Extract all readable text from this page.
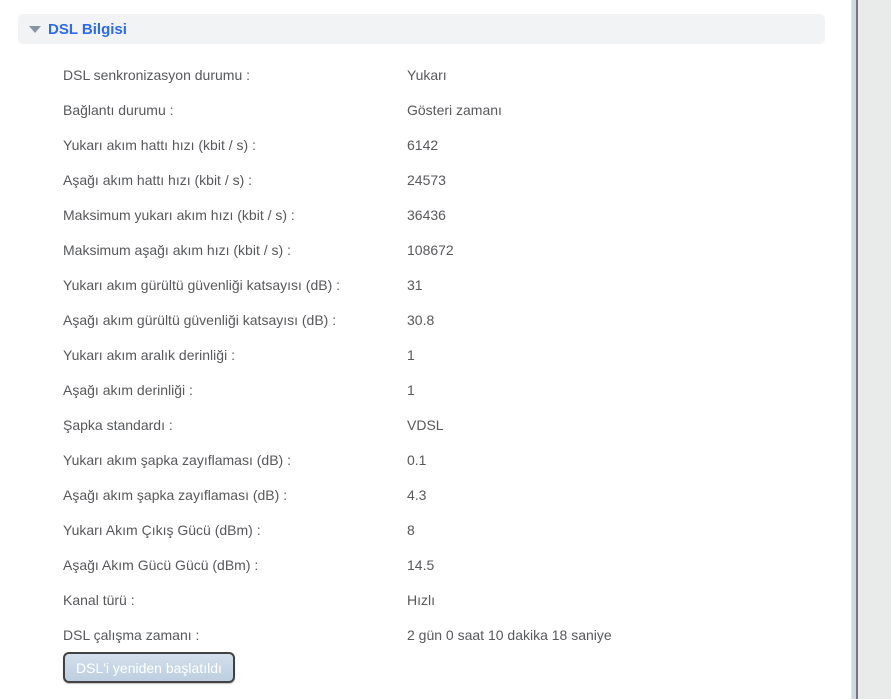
DSL Bilgisi
DSL senkronizasyon durumu :	Yukarı
Bağlantı durumu :	Gösteri zamanı
Yukarı akım hattı hızı (kbit / s) :	6142
Aşağı akım hattı hızı (kbit / s) :	24573
Maksimum yukarı akım hızı (kbit / s) :	36436
Maksimum aşağı akım hızı (kbit / s) :	108672
Yukarı akım gürültü güvenliği katsayısı (dB) :	31
Aşağı akım gürültü güvenliği katsayısı (dB) :	30.8
Yukarı akım aralık derinliği :	1
Aşağı akım derinliği :	1
Şapka standardı :	VDSL
Yukarı akım şapka zayıflaması (dB) :	0.1
Aşağı akım şapka zayıflaması (dB) :	4.3
Yukarı Akım Çıkış Gücü (dBm) :	8
Aşağı Akım Gücü Gücü (dBm) :	14.5
Kanal türü :	Hızlı
DSL çalışma zamanı :	2 gün 0 saat 10 dakika 18 saniye
DSL'i yeniden başlatıldı
